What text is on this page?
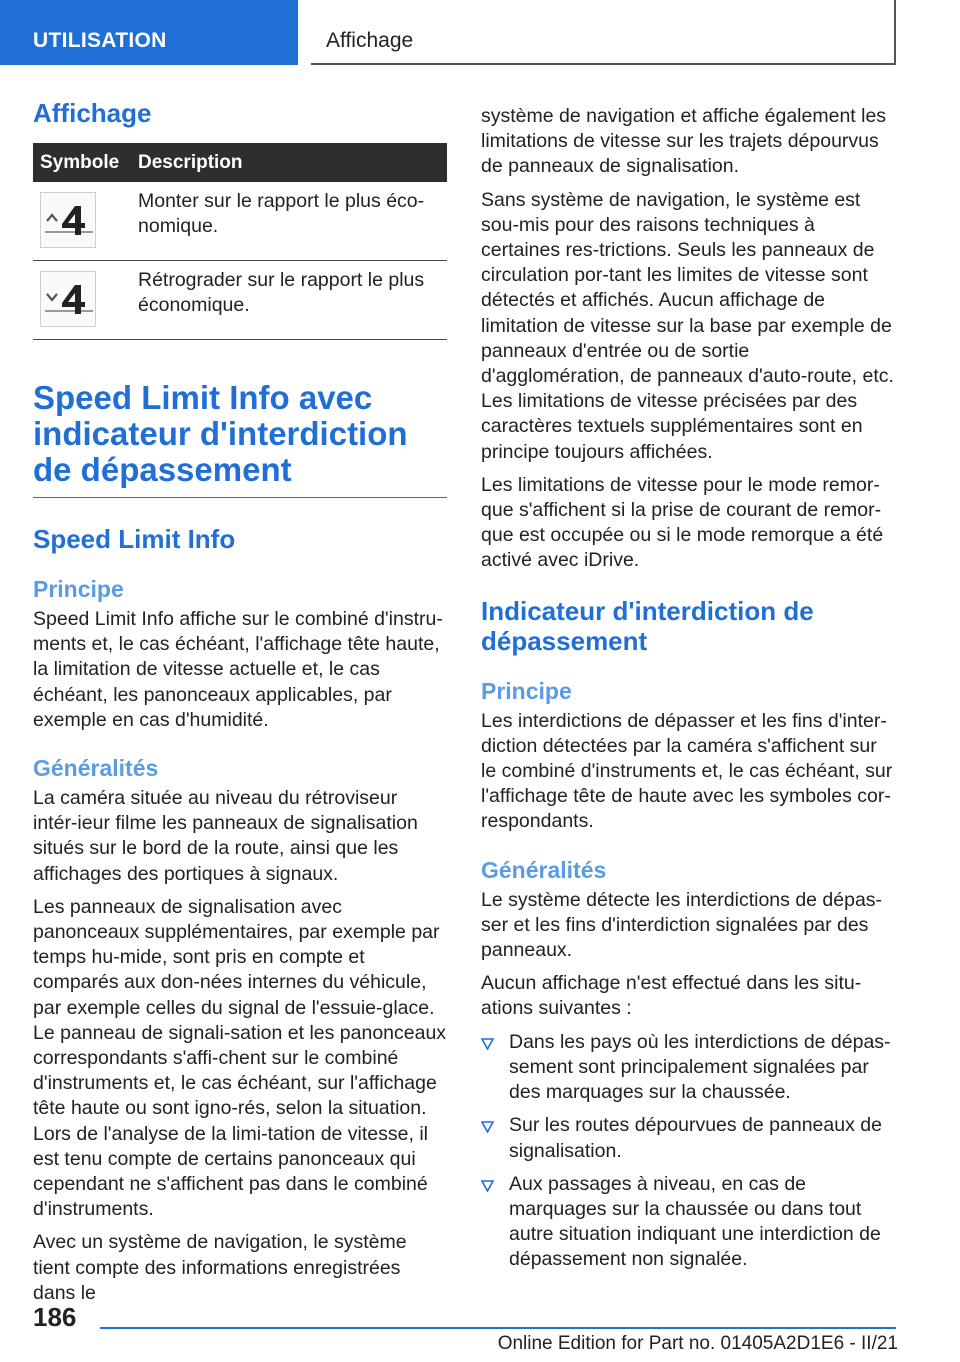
UTILISATION	Affichage
Affichage
Symbole	Description

	Monter sur le rapport le plus éco-nomique.

	Rétrograder sur le rapport le plus économique.
Speed Limit Info avec indicateur d'interdiction de dépassement
Speed Limit Info
Principe

Speed Limit Info affiche sur le combiné d'instru-ments et, le cas échéant, l'affichage tête haute, la limitation de vitesse actuelle et, le cas échéant, les panonceaux applicables, par exemple en cas d'humidité.

Généralités

La caméra située au niveau du rétroviseur intér-ieur filme les panneaux de signalisation situés sur le bord de la route, ainsi que les affichages des portiques à signaux.

Les panneaux de signalisation avec panonceaux supplémentaires, par exemple par temps hu-mide, sont pris en compte et comparés aux don-nées internes du véhicule, par exemple celles du signal de l'essuie-glace. Le panneau de signali-sation et les panonceaux correspondants s'affi-chent sur le combiné d'instruments et, le cas échéant, sur l'affichage tête haute ou sont igno-rés, selon la situation. Lors de l'analyse de la limi-tation de vitesse, il est tenu compte de certains panonceaux qui cependant ne s'affichent pas dans le combiné d'instruments.

Avec un système de navigation, le système tient compte des informations enregistrées dans le

système de navigation et affiche également les limitations de vitesse sur les trajets dépourvus de panneaux de signalisation.

Sans système de navigation, le système est sou-mis pour des raisons techniques à certaines res-trictions. Seuls les panneaux de circulation por-tant les limites de vitesse sont détectés et affichés. Aucun affichage de limitation de vitesse sur la base par exemple de panneaux d'entrée ou de sortie d'agglomération, de panneaux d'auto-route, etc. Les limitations de vitesse précisées par des caractères textuels supplémentaires sont en principe toujours affichées.

Les limitations de vitesse pour le mode remor-que s'affichent si la prise de courant de remor-que est occupée ou si le mode remorque a été activé avec iDrive.

Indicateur d'interdiction de dépassement
Principe

Les interdictions de dépasser et les fins d'inter-diction détectées par la caméra s'affichent sur le combiné d'instruments et, le cas échéant, sur l'affichage tête de haute avec les symboles cor-respondants.

Généralités

Le système détecte les interdictions de dépas-ser et les fins d'interdiction signalées par des panneaux.

Aucun affichage n'est effectué dans les situ-ations suivantes :

Dans les pays où les interdictions de dépas-sement sont principalement signalées par des marquages sur la chaussée.
Sur les routes dépourvues de panneaux de signalisation.
Aux passages à niveau, en cas de marquages sur la chaussée ou dans tout autre situation indiquant une interdiction de dépassement non signalée.
186
Online Edition for Part no. 01405A2D1E6 - II/21
